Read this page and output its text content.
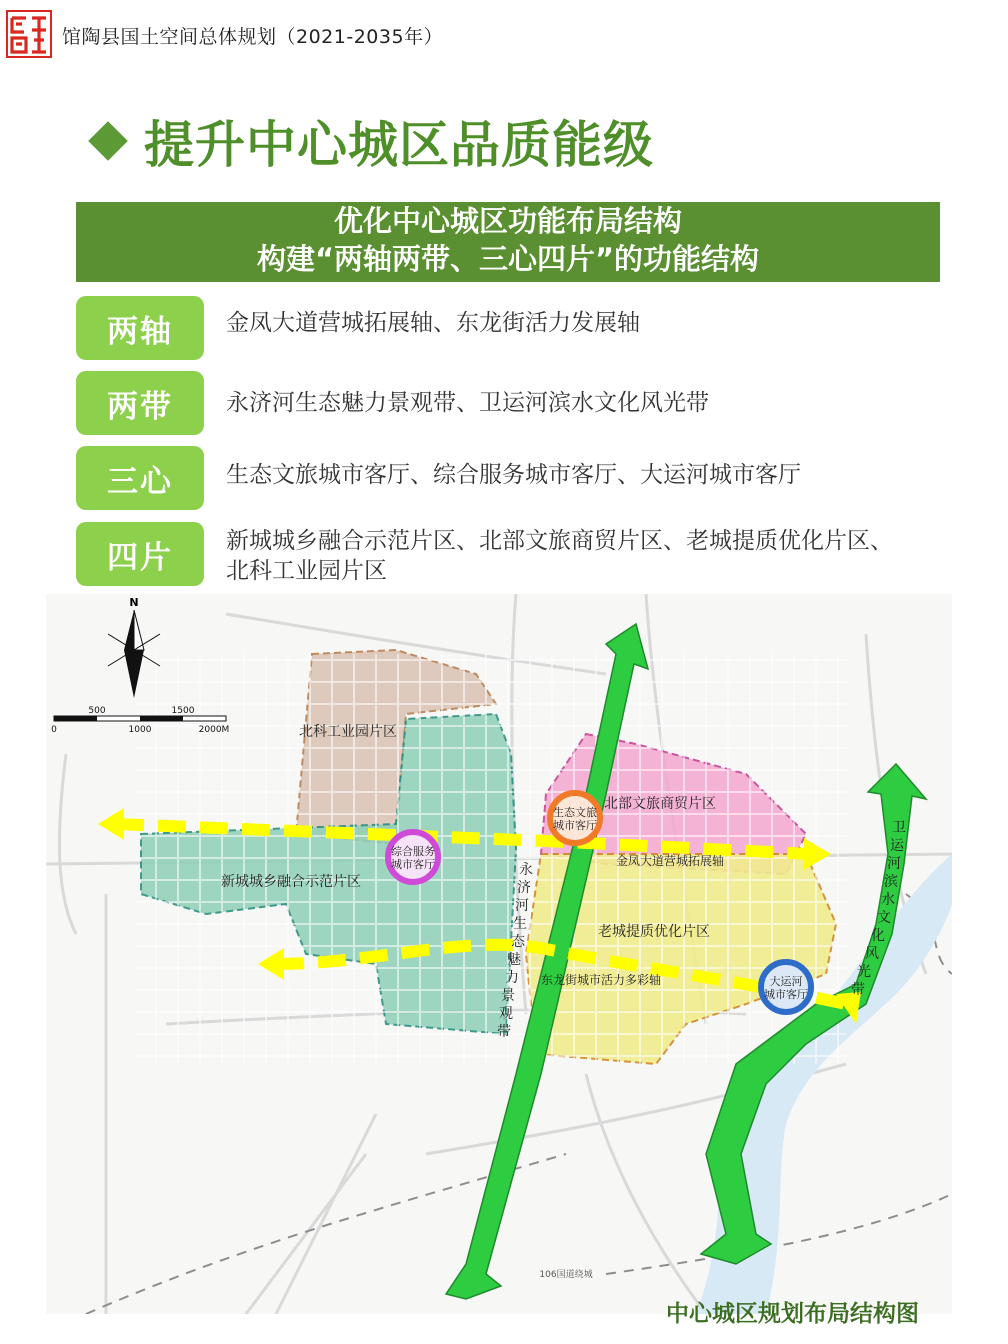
馆陶县国土空间总体规划（2021-2035年）
提升中心城区品质能级
优化中心城区功能布局结构
构建“两轴两带、三心四片”的功能结构
两轴	金凤大道营城拓展轴、东龙街活力发展轴
两带	永济河生态魅力景观带、卫运河滨水文化风光带
三心	生态文旅城市客厅、综合服务城市客厅、大运河城市客厅
四片	新城城乡融合示范片区、北部文旅商贸片区、老城提质优化片区、
北科工业园片区
生态文旅
城市客厅
综合服务
城市客厅
大运河
城市客厅
北科工业园片区
北部文旅商贸片区
新城城乡融合示范片区
老城提质优化片区
金凤大道营城拓展轴
东龙街城市活力多彩轴
106国道绕城
永
济
河
生
态
魅
力
景
观
带
卫
运
河
滨
水
文
化
风
光
带
N
0
500
1000
1500
2000M
中心城区规划布局结构图
